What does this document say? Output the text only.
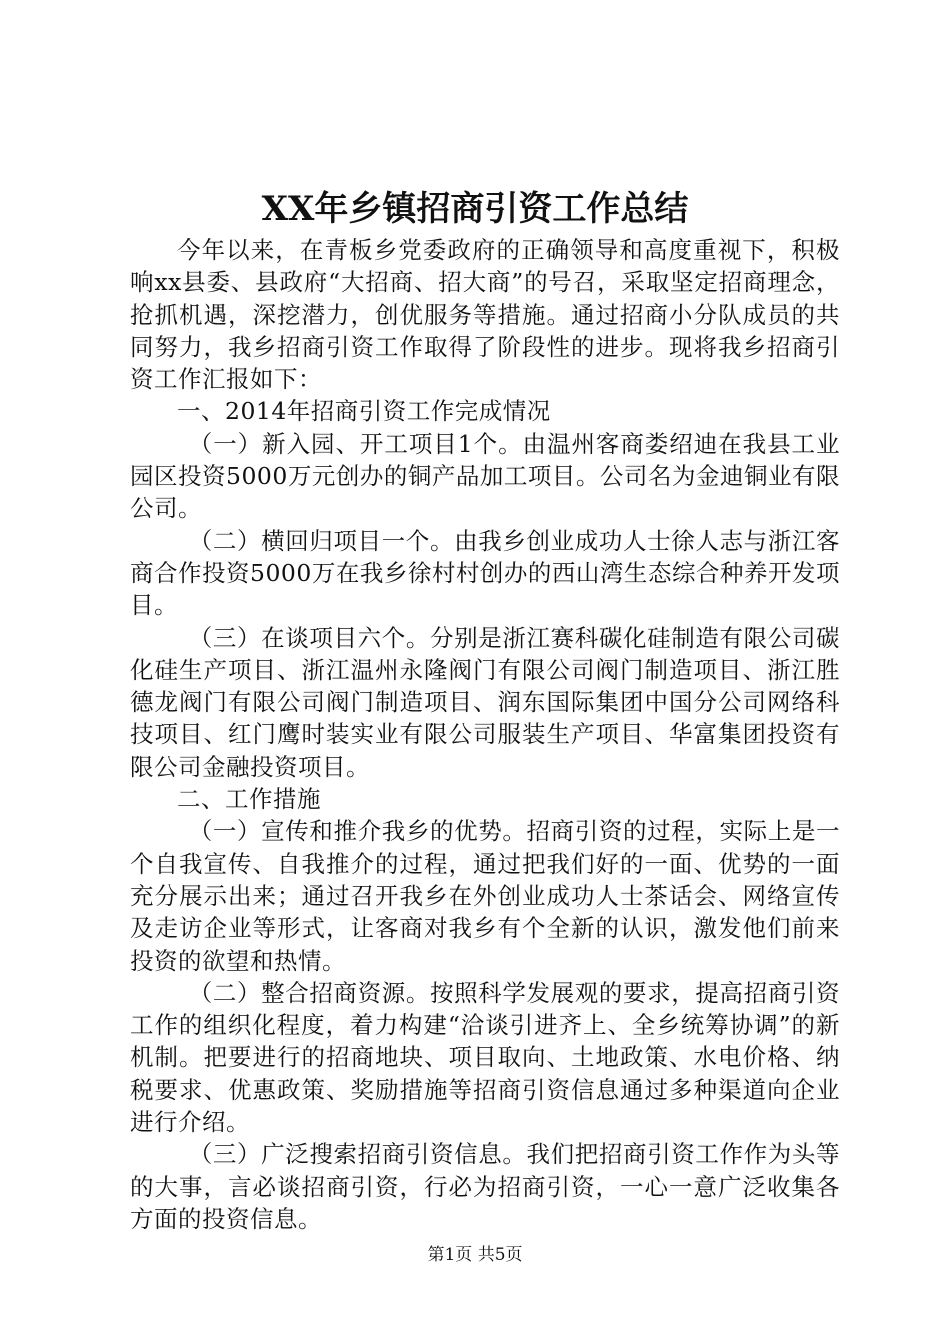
XX年乡镇招商引资工作总结

今年以来，在青板乡党委政府的正确领导和高度重视下，积极响xx县委、县政府“大招商、招大商”的号召，采取坚定招商理念，抢抓机遇，深挖潜力，创优服务等措施。通过招商小分队成员的共同努力，我乡招商引资工作取得了阶段性的进步。现将我乡招商引资工作汇报如下：

一、2014年招商引资工作完成情况

（一）新入园、开工项目1个。由温州客商娄绍迪在我县工业园区投资5000万元创办的铜产品加工项目。公司名为金迪铜业有限公司。

（二）横回归项目一个。由我乡创业成功人士徐人志与浙江客商合作投资5000万在我乡徐村村创办的西山湾生态综合种养开发项目。

（三）在谈项目六个。分别是浙江赛科碳化硅制造有限公司碳化硅生产项目、浙江温州永隆阀门有限公司阀门制造项目、浙江胜德龙阀门有限公司阀门制造项目、润东国际集团中国分公司网络科技项目、红门鹰时装实业有限公司服装生产项目、华富集团投资有限公司金融投资项目。

二、工作措施

（一）宣传和推介我乡的优势。招商引资的过程，实际上是一个自我宣传、自我推介的过程，通过把我们好的一面、优势的一面充分展示出来；通过召开我乡在外创业成功人士茶话会、网络宣传及走访企业等形式，让客商对我乡有个全新的认识，激发他们前来投资的欲望和热情。

（二）整合招商资源。按照科学发展观的要求，提高招商引资工作的组织化程度，着力构建“洽谈引进齐上、全乡统筹协调”的新机制。把要进行的招商地块、项目取向、土地政策、水电价格、纳税要求、优惠政策、奖励措施等招商引资信息通过多种渠道向企业进行介绍。

（三）广泛搜索招商引资信息。我们把招商引资工作作为头等的大事，言必谈招商引资，行必为招商引资，一心一意广泛收集各方面的投资信息。

第1页 共5页
